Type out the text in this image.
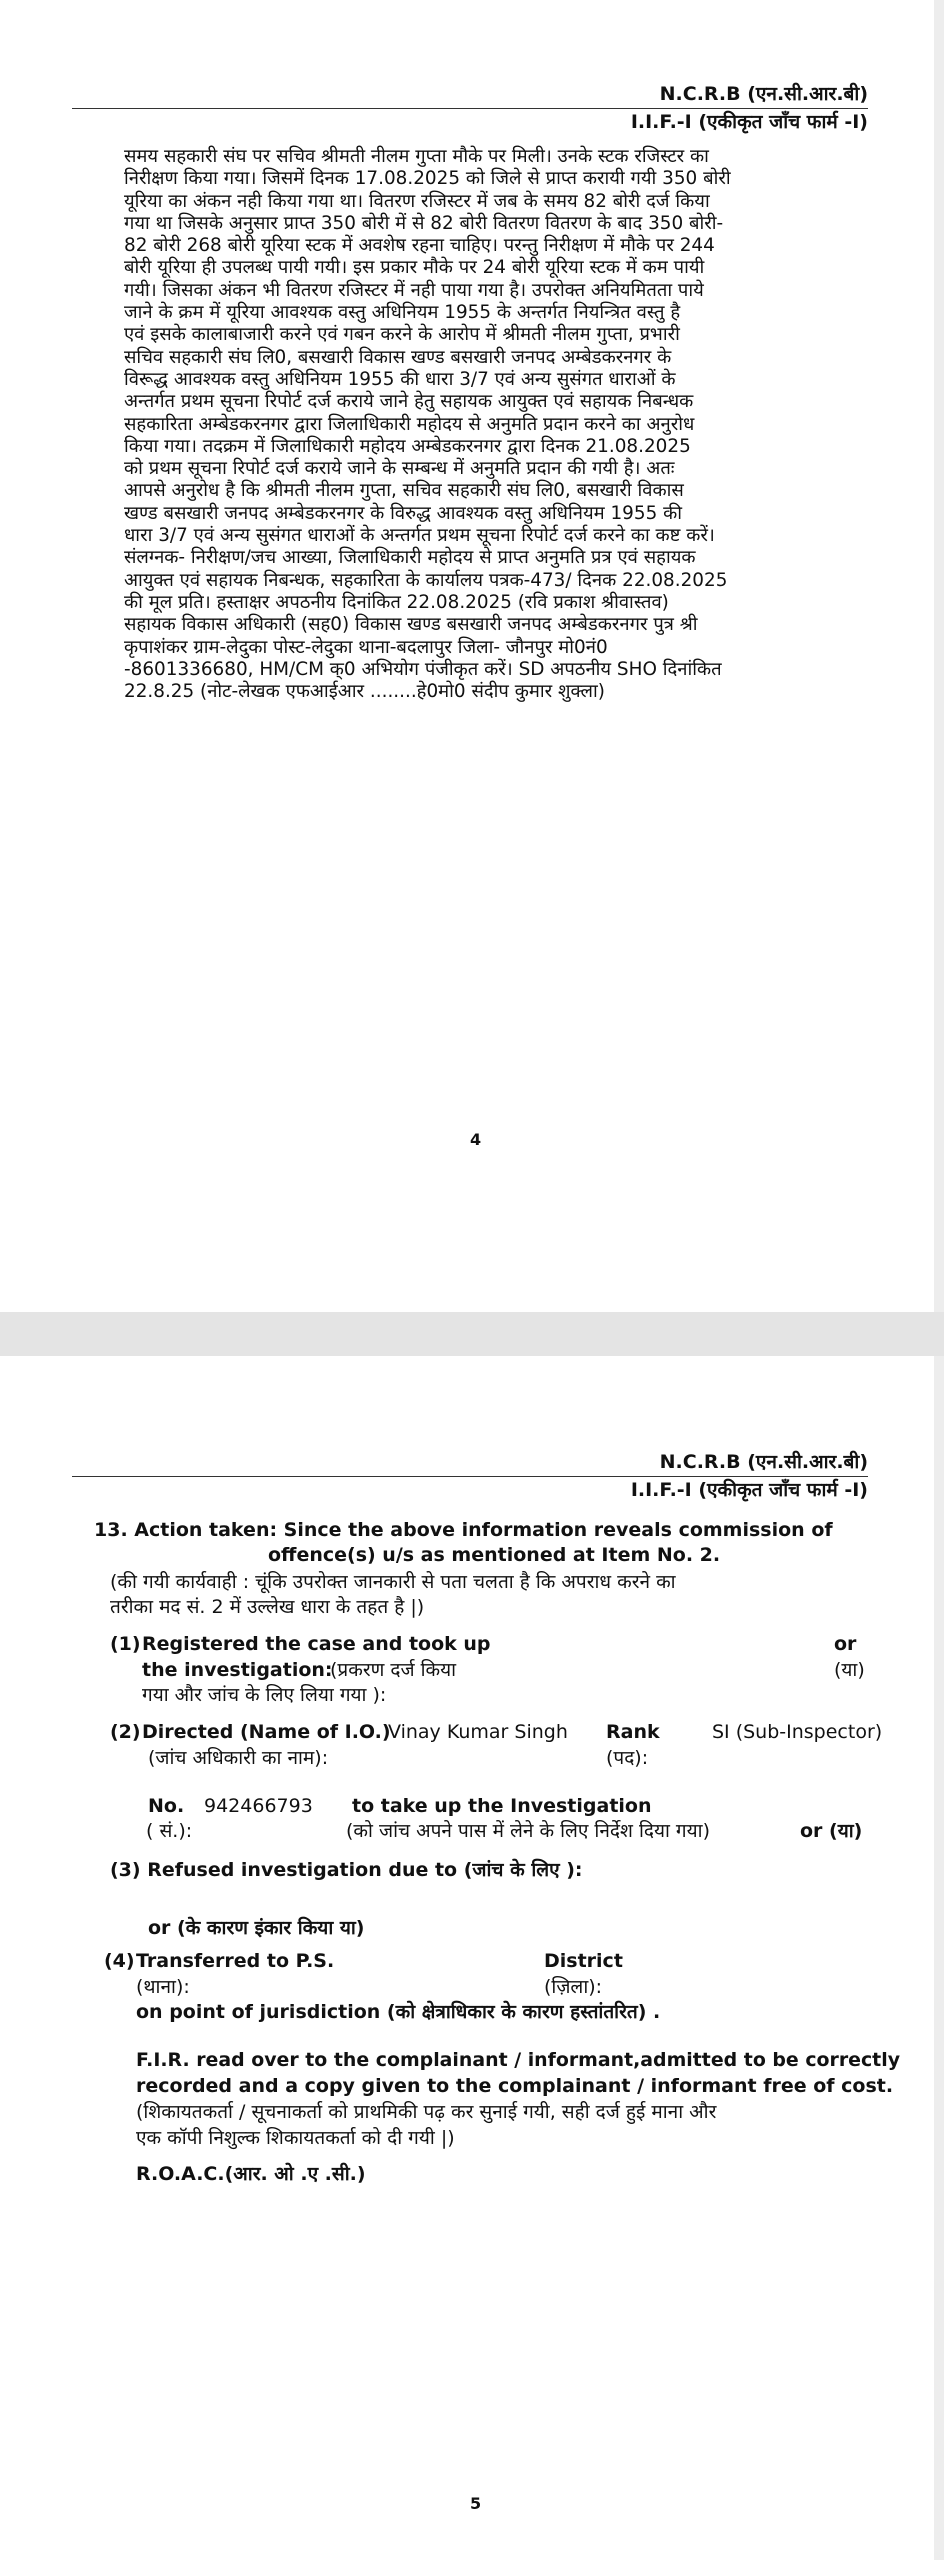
N.C.R.B (एन.सी.आर.बी)
I.I.F.-I (एकीकृत जाँच फार्म -I)

समय सहकारी संघ पर सचिव श्रीमती नीलम गुप्ता मौके पर मिली। उनके स्टक रजिस्टर का

निरीक्षण किया गया। जिसमें दिनक 17.08.2025 को जिले से प्राप्त करायी गयी 350 बोरी

यूरिया का अंकन नही किया गया था। वितरण रजिस्टर में जब के समय 82 बोरी दर्ज किया

गया था जिसके अनुसार प्राप्त 350 बोरी में से 82 बोरी वितरण वितरण के बाद 350 बोरी-

82 बोरी 268 बोरी यूरिया स्टक में अवशेष रहना चाहिए। परन्तु निरीक्षण में मौके पर 244

बोरी यूरिया ही उपलब्ध पायी गयी। इस प्रकार मौके पर 24 बोरी यूरिया स्टक में कम पायी

गयी। जिसका अंकन भी वितरण रजिस्टर में नही पाया गया है। उपरोक्त अनियमितता पाये

जाने के क्रम में यूरिया आवश्यक वस्तु अधिनियम 1955 के अन्तर्गत नियन्त्रित वस्तु है

एवं इसके कालाबाजारी करने एवं गबन करने के आरोप में श्रीमती नीलम गुप्ता, प्रभारी

सचिव सहकारी संघ लि0, बसखारी विकास खण्ड बसखारी जनपद अम्बेडकरनगर के

विरूद्ध आवश्यक वस्तु अधिनियम 1955 की धारा 3/7 एवं अन्य सुसंगत धाराओं के

अन्तर्गत प्रथम सूचना रिपोर्ट दर्ज कराये जाने हेतु सहायक आयुक्त एवं सहायक निबन्धक

सहकारिता अम्बेडकरनगर द्वारा जिलाधिकारी महोदय से अनुमति प्रदान करने का अनुरोध

किया गया। तदक्रम में जिलाधिकारी महोदय अम्बेडकरनगर द्वारा दिनक 21.08.2025

को प्रथम सूचना रिपोर्ट दर्ज कराये जाने के सम्बन्ध में अनुमति प्रदान की गयी है। अतः

आपसे अनुरोध है कि श्रीमती नीलम गुप्ता, सचिव सहकारी संघ लि0, बसखारी विकास

खण्ड बसखारी जनपद अम्बेडकरनगर के विरुद्ध आवश्यक वस्तु अधिनियम 1955 की

धारा 3/7 एवं अन्य सुसंगत धाराओं के अन्तर्गत प्रथम सूचना रिपोर्ट दर्ज करने का कष्ट करें।

संलग्नक- निरीक्षण/जच आख्या, जिलाधिकारी महोदय से प्राप्त अनुमति प्रत्र एवं सहायक

आयुक्त एवं सहायक निबन्धक, सहकारिता के कार्यालय पत्रक-473/ दिनक 22.08.2025

की मूल प्रति। हस्ताक्षर अपठनीय दिनांकित 22.08.2025 (रवि प्रकाश श्रीवास्तव)

सहायक विकास अधिकारी (सह0) विकास खण्ड बसखारी जनपद अम्बेडकरनगर पुत्र श्री

कृपाशंकर ग्राम-लेदुका पोस्ट-लेदुका थाना-बदलापुर जिला- जौनपुर मो0नं0

-8601336680, HM/CM क्0 अभियोग पंजीकृत करें। SD अपठनीय SHO दिनांकित

22.8.25 (नोट-लेखक एफआईआर ........हे0मो0 संदीप कुमार शुक्ला)

4
N.C.R.B (एन.सी.आर.बी)
I.I.F.-I (एकीकृत जाँच फार्म -I)
13. Action taken: Since the above information reveals commission of
offence(s) u/s as mentioned at Item No. 2.
(की गयी कार्यवाही : चूंकि उपरोक्त जानकारी से पता चलता है कि अपराध करने का
तरीका मद सं. 2 में उल्लेख धारा के तहत है |)
(1) Registered the case and took up
the investigation:
(प्रकरण दर्ज किया
गया और जांच के लिए लिया गया ):
or
(या)
(2) Directed (Name of I.O.)
(जांच अधिकारी का नाम):
Vinay Kumar Singh Rank
(पद):
SI (Sub-Inspector)
No.
( सं.):
942466793 to take up the Investigation
(को जांच अपने पास में लेने के लिए निर्देश दिया गया)	or (या)
(3) Refused investigation due to (जांच के लिए ):
or (के कारण इंकार किया या)
(4) Transferred to P.S.
(थाना):
District
(ज़िला):
on point of jurisdiction (को क्षेत्राधिकार के कारण हस्तांतरित) .
F.I.R. read over to the complainant / informant,admitted to be correctly
recorded and a copy given to the complainant / informant free of cost.
(शिकायतकर्ता / सूचनाकर्ता को प्राथमिकी पढ़ कर सुनाई गयी, सही दर्ज हुई माना और
एक कॉपी निशुल्क शिकायतकर्ता को दी गयी |)
R.O.A.C.(आर. ओ .ए .सी.)
5
